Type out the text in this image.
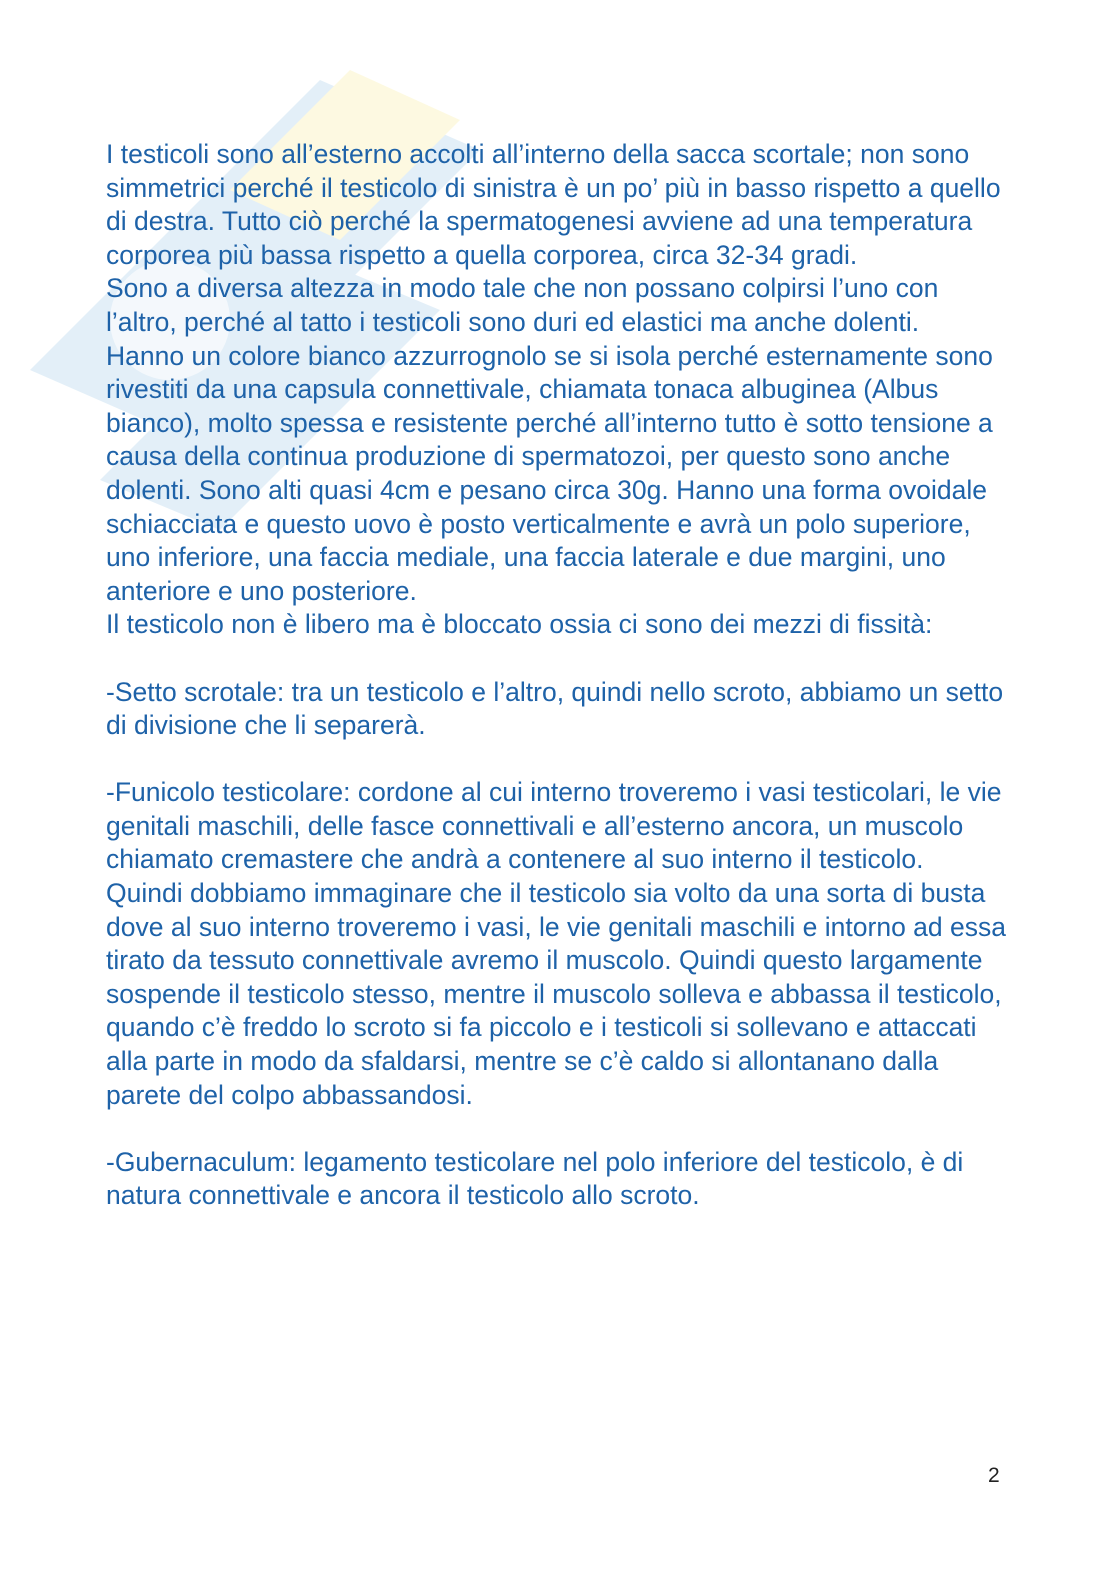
I testicoli sono all’esterno accolti all’interno della sacca scortale; non sono simmetrici perché il testicolo di sinistra è un po’ più in basso rispetto a quello di destra. Tutto ciò perché la spermatogenesi avviene ad una temperatura corporea più bassa rispetto a quella corporea, circa 32-34 gradi.

Sono a diversa altezza in modo tale che non possano colpirsi l’uno con l’altro, perché al tatto i testicoli sono duri ed elastici ma anche dolenti.

Hanno un colore bianco azzurrognolo se si isola perché esternamente sono rivestiti da una capsula connettivale, chiamata tonaca albuginea (Albus bianco), molto spessa e resistente perché all’interno tutto è sotto tensione a causa della continua produzione di spermatozoi, per questo sono anche dolenti. Sono alti quasi 4cm e pesano circa 30g. Hanno una forma ovoidale schiacciata e questo uovo è posto verticalmente e avrà un polo superiore, uno inferiore, una faccia mediale, una faccia laterale e due margini, uno anteriore e uno posteriore.

Il testicolo non è libero ma è bloccato ossia ci sono dei mezzi di fissità:

-Setto scrotale: tra un testicolo e l’altro, quindi nello scroto, abbiamo un setto di divisione che li separerà.

-Funicolo testicolare: cordone al cui interno troveremo i vasi testicolari, le vie genitali maschili, delle fasce connettivali e all’esterno ancora, un muscolo chiamato cremastere che andrà a contenere al suo interno il testicolo. Quindi dobbiamo immaginare che il testicolo sia volto da una sorta di busta dove al suo interno troveremo i vasi, le vie genitali maschili e intorno ad essa tirato da tessuto connettivale avremo il muscolo. Quindi questo largamente sospende il testicolo stesso, mentre il muscolo solleva e abbassa il testicolo, quando c’è freddo lo scroto si fa piccolo e i testicoli si sollevano e attaccati alla parte in modo da sfaldarsi, mentre se c’è caldo si allontanano dalla parete del colpo abbassandosi.

-Gubernaculum: legamento testicolare nel polo inferiore del testicolo, è di natura connettivale e ancora il testicolo allo scroto.

2
